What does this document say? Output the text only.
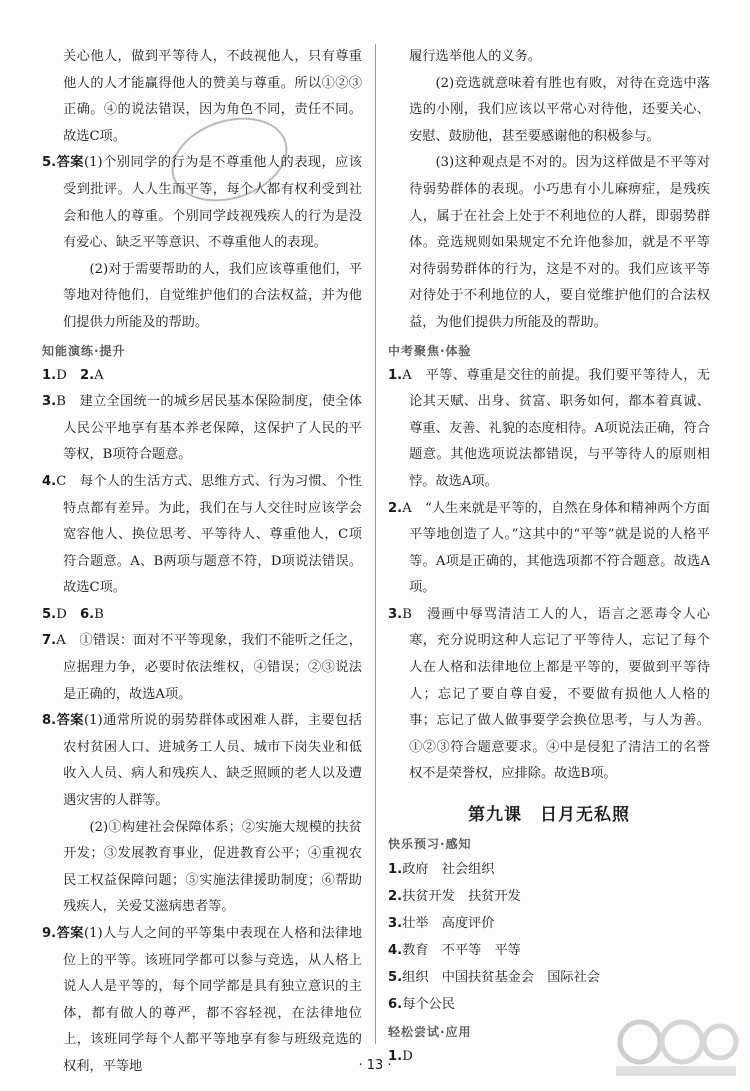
关心他人，做到平等待人，不歧视他人，只有尊重他人的人才能赢得他人的赞美与尊重。所以①②③正确。④的说法错误，因为角色不同，责任不同。故选C项。

5.答案(1)个别同学的行为是不尊重他人的表现，应该受到批评。人人生而平等，每个人都有权利受到社会和他人的尊重。个别同学歧视残疾人的行为是没有爱心、缺乏平等意识、不尊重他人的表现。

(2)对于需要帮助的人，我们应该尊重他们，平等地对待他们，自觉维护他们的合法权益，并为他们提供力所能及的帮助。

知能演练·提升

1.D　 2.A

3.B　建立全国统一的城乡居民基本保险制度，使全体人民公平地享有基本养老保障，这保护了人民的平等权，B项符合题意。

4.C　每个人的生活方式、思维方式、行为习惯、个性特点都有差异。为此，我们在与人交往时应该学会宽容他人、换位思考、平等待人、尊重他人，C项符合题意。A、B两项与题意不符，D项说法错误。故选C项。

5.D　 6.B

7.A　①错误：面对不平等现象，我们不能听之任之，应据理力争，必要时依法维权，④错误；②③说法是正确的，故选A项。

8.答案(1)通常所说的弱势群体或困难人群，主要包括农村贫困人口、进城务工人员、城市下岗失业和低收入人员、病人和残疾人、缺乏照顾的老人以及遭遇灾害的人群等。

(2)①构建社会保障体系；②实施大规模的扶贫开发；③发展教育事业，促进教育公平；④重视农民工权益保障问题；⑤实施法律援助制度；⑥帮助残疾人，关爱艾滋病患者等。

9.答案(1)人与人之间的平等集中表现在人格和法律地位上的平等。该班同学都可以参与竞选，从人格上说人人是平等的，每个同学都是具有独立意识的主体，都有做人的尊严，都不容轻视，在法律地位上，该班同学每个人都平等地享有参与班级竞选的权利，平等地

履行选举他人的义务。

(2)竞选就意味着有胜也有败，对待在竞选中落选的小刚，我们应该以平常心对待他，还要关心、安慰、鼓励他，甚至要感谢他的积极参与。

(3)这种观点是不对的。因为这样做是不平等对待弱势群体的表现。小巧患有小儿麻痹症，是残疾人，属于在社会上处于不利地位的人群，即弱势群体。竞选规则如果规定不允许他参加，就是不平等对待弱势群体的行为，这是不对的。我们应该平等对待处于不利地位的人，要自觉维护他们的合法权益，为他们提供力所能及的帮助。

中考聚焦·体验

1.A　平等、尊重是交往的前提。我们要平等待人，无论其天赋、出身、贫富、职务如何，都本着真诚、尊重、友善、礼貌的态度相待。A项说法正确，符合题意。其他选项说法都错误，与平等待人的原则相悖。故选A项。

2.A　“人生来就是平等的，自然在身体和精神两个方面平等地创造了人。”这其中的“平等”就是说的人格平等。A项是正确的，其他选项都不符合题意。故选A项。

3.B　漫画中辱骂清洁工人的人，语言之恶毒令人心寒，充分说明这种人忘记了平等待人，忘记了每个人在人格和法律地位上都是平等的，要做到平等待人；忘记了要自尊自爱，不要做有损他人人格的事；忘记了做人做事要学会换位思考，与人为善。①②③符合题意要求。④中是侵犯了清洁工的名誉权不是荣誉权，应排除。故选B项。

第九课　日月无私照
快乐预习·感知

1.政府　社会组织

2.扶贫开发　扶贫开发

3.壮举　高度评价

4.教育　不平等　平等

5.组织　中国扶贫基金会　国际社会

6.每个公民

轻松尝试·应用

1.D

· 13 ·
